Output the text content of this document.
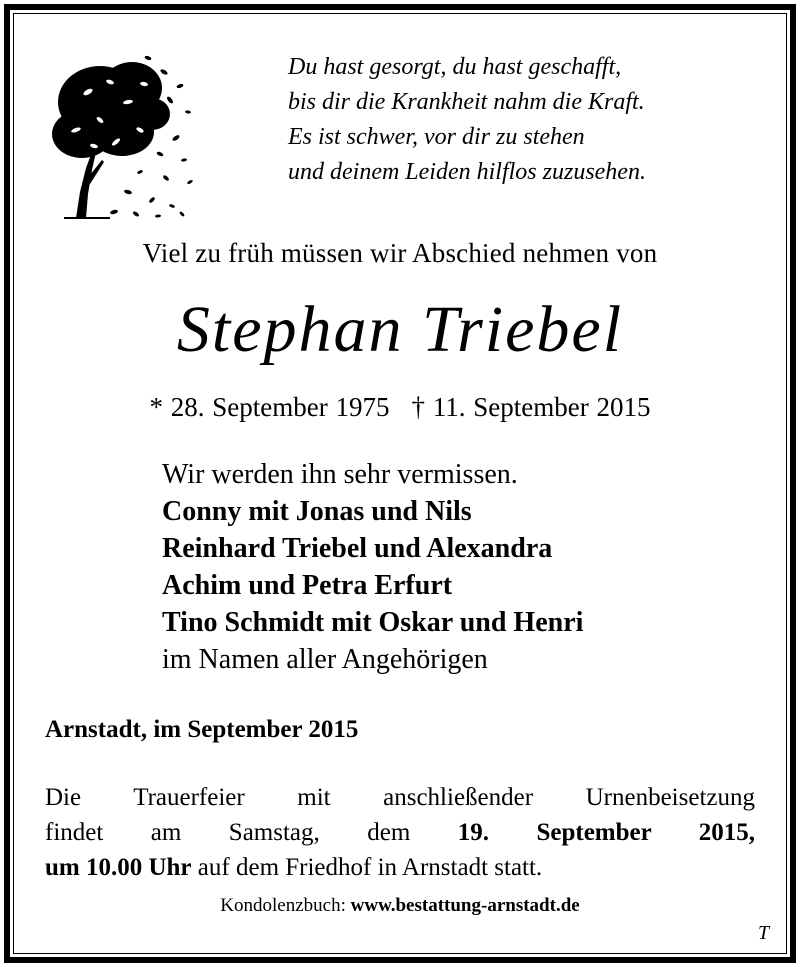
Du hast gesorgt, du hast geschafft,
bis dir die Krankheit nahm die Kraft.
Es ist schwer, vor dir zu stehen
und deinem Leiden hilflos zuzusehen.
Viel zu früh müssen wir Abschied nehmen von
Stephan Triebel
* 28. September 1975 † 11. September 2015
Wir werden ihn sehr vermissen.
Conny mit Jonas und Nils
Reinhard Triebel und Alexandra
Achim und Petra Erfurt
Tino Schmidt mit Oskar und Henri
im Namen aller Angehörigen
Arnstadt, im September 2015
Die Trauerfeier mit anschließender Urnenbeisetzung
findet am Samstag, dem 19. September 2015,
um 10.00 Uhr auf dem Friedhof in Arnstadt statt.
Kondolenzbuch: www.bestattung-arnstadt.de
T
